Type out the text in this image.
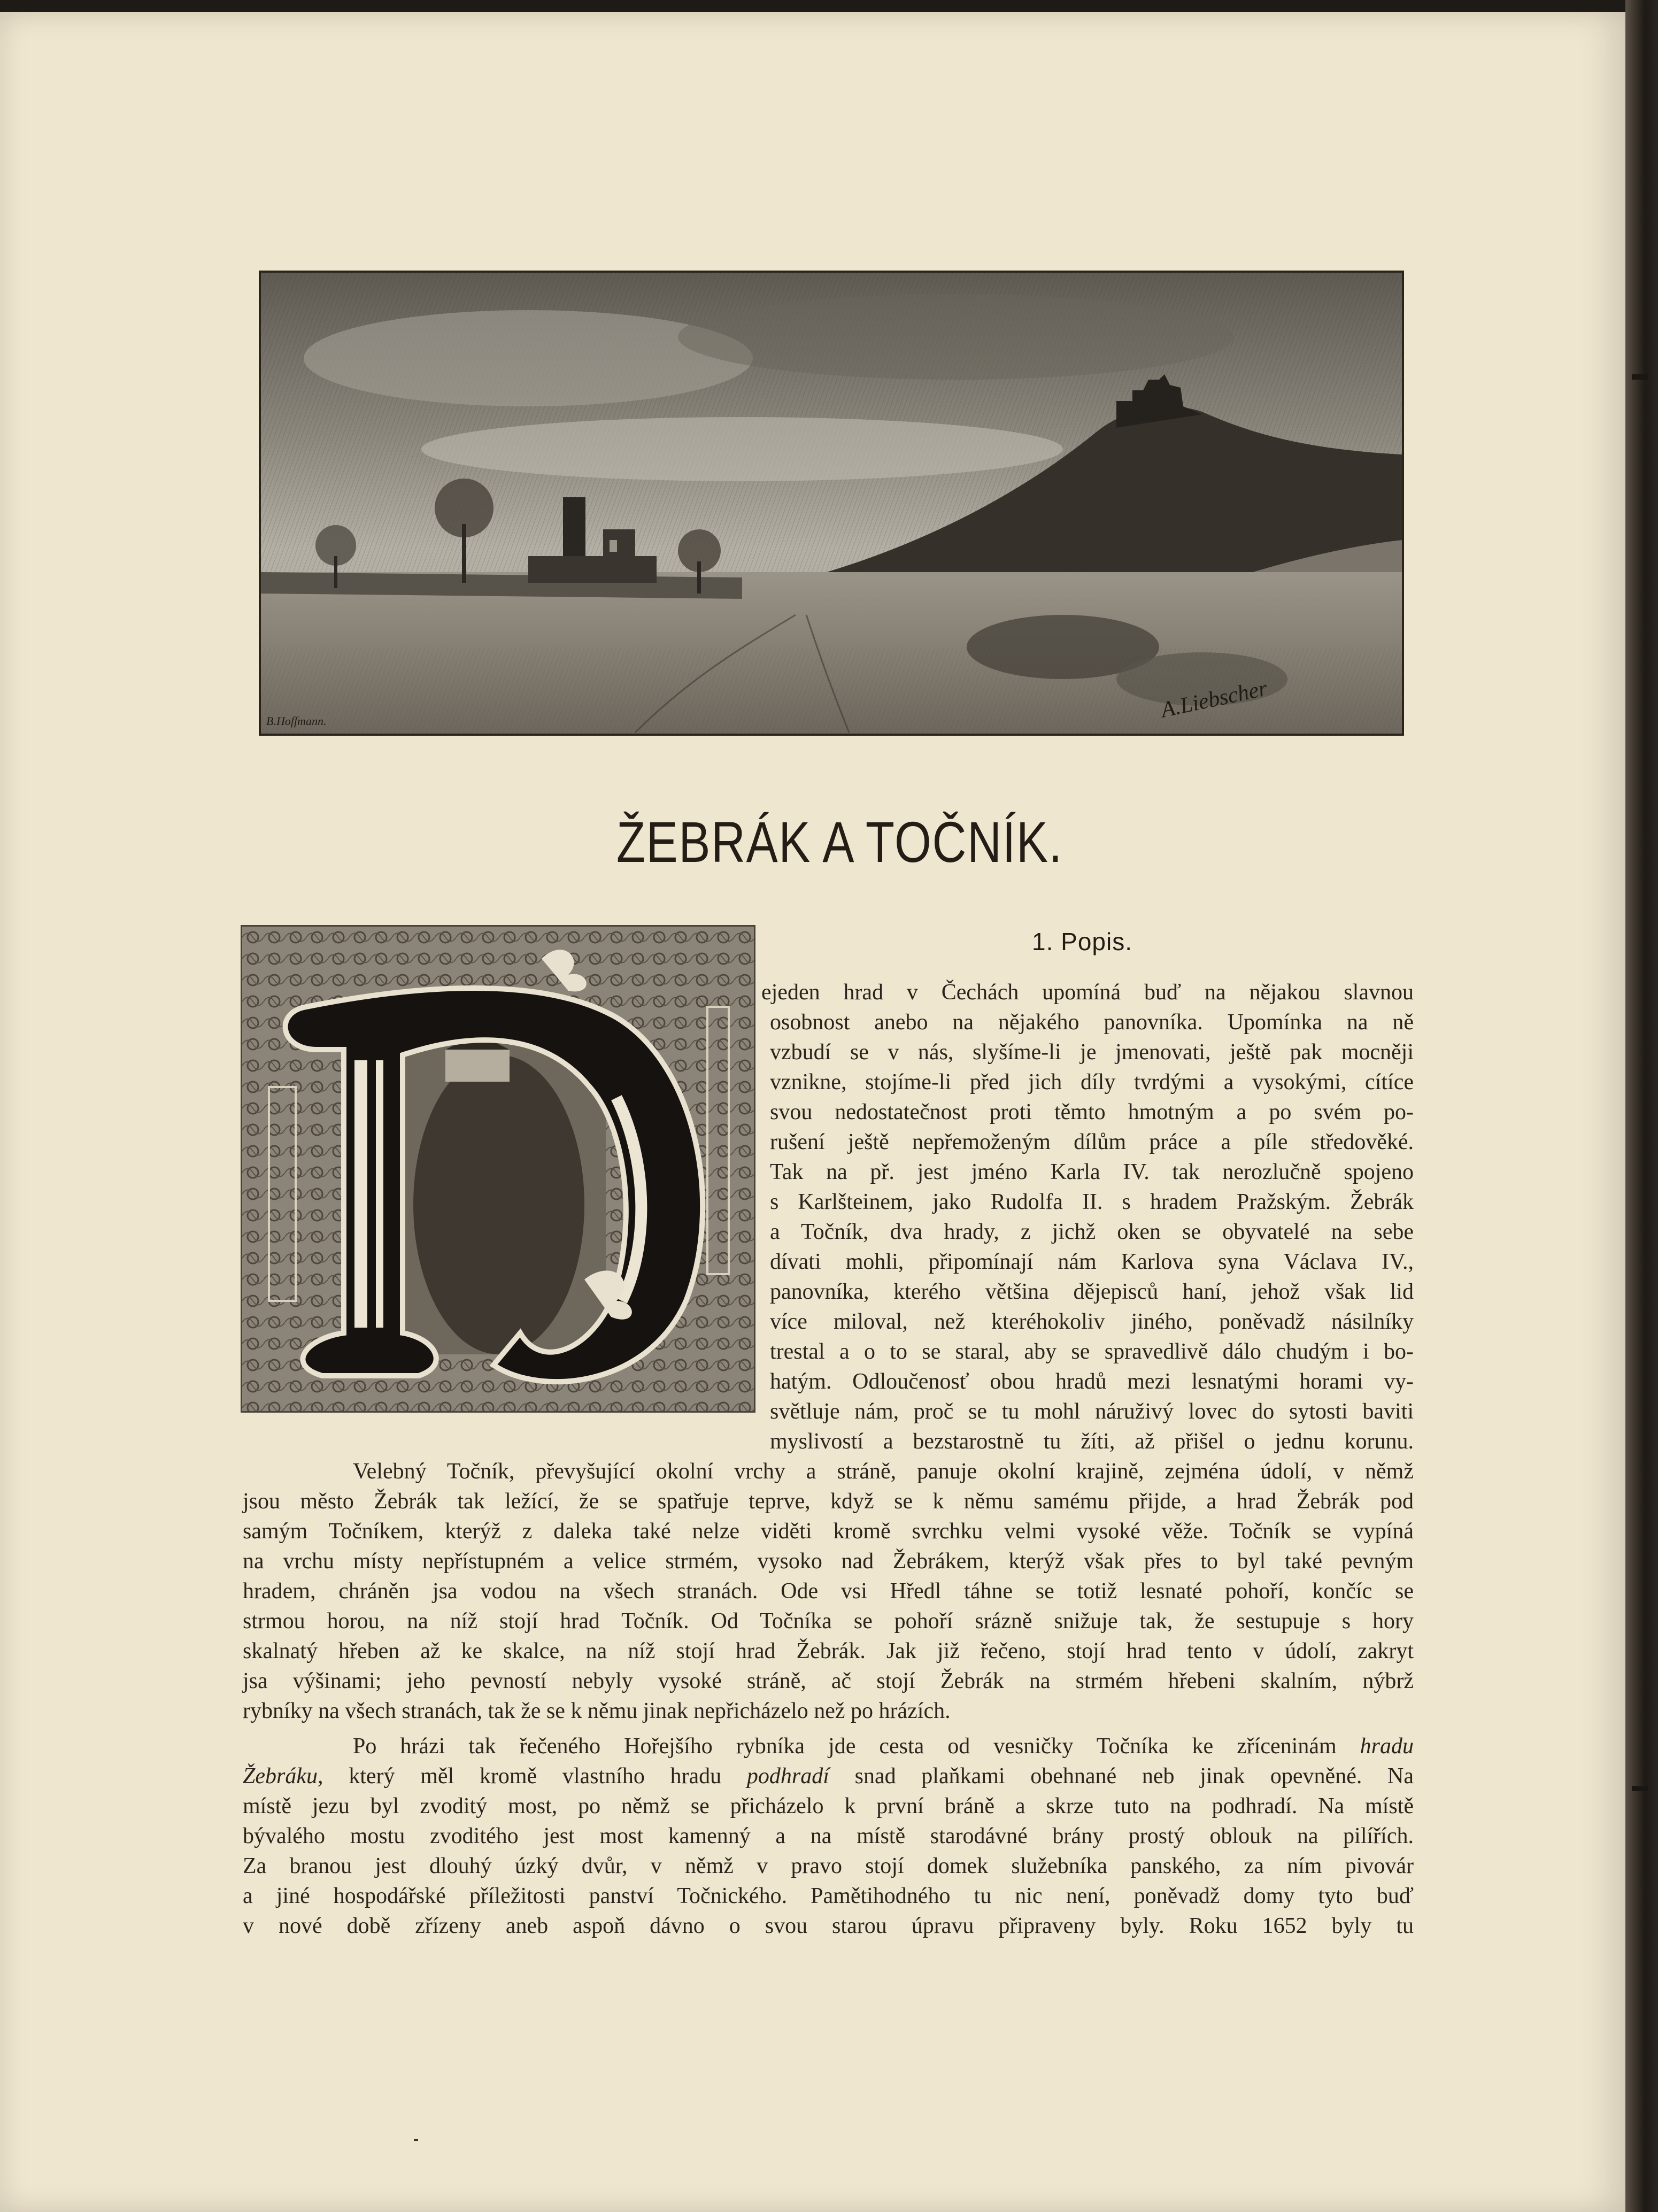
B.Hoffmann.	A.Liebscher
ŽEBRÁK A TOČNÍK.
1. Popis.
ejeden hrad v Čechách upomíná buď na nějakou slavnou
osobnost anebo na nějakého panovníka. Upomínka na ně
vzbudí se v nás, slyšíme-li je jmenovati, ještě pak mocněji
vznikne, stojíme-li před jich díly tvrdými a vysokými, cítíce
svou nedostatečnost proti těmto hmotným a po svém po-
rušení ještě nepřemoženým dílům práce a píle středověké.
Tak na př. jest jméno Karla IV. tak nerozlučně spojeno
s Karlšteinem, jako Rudolfa II. s hradem Pražským. Žebrák
a Točník, dva hrady, z jichž oken se obyvatelé na sebe
dívati mohli, připomínají nám Karlova syna Václava IV.,
panovníka, kterého většina dějepisců haní, jehož však lid
více miloval, než kteréhokoliv jiného, poněvadž násilníky
trestal a o to se staral, aby se spravedlivě dálo chudým i bo-
hatým. Odloučenosť obou hradů mezi lesnatými horami vy-
světluje nám, proč se tu mohl náruživý lovec do sytosti baviti
myslivostí a bezstarostně tu žíti, až přišel o jednu korunu.
Velebný Točník, převyšující okolní vrchy a stráně, panuje okolní krajině, zejména údolí, v němž
jsou město Žebrák tak ležící, že se spatřuje teprve, když se k němu samému přijde, a hrad Žebrák pod
samým Točníkem, kterýž z daleka také nelze viděti kromě svrchku velmi vysoké věže. Točník se vypíná
na vrchu místy nepřístupném a velice strmém, vysoko nad Žebrákem, kterýž však přes to byl také pevným
hradem, chráněn jsa vodou na všech stranách. Ode vsi Hředl táhne se totiž lesnaté pohoří, končíc se
strmou horou, na níž stojí hrad Točník. Od Točníka se pohoří srázně snižuje tak, že sestupuje s hory
skalnatý hřeben až ke skalce, na níž stojí hrad Žebrák. Jak již řečeno, stojí hrad tento v údolí, zakryt
jsa výšinami; jeho pevností nebyly vysoké stráně, ač stojí Žebrák na strmém hřebeni skalním, nýbrž
rybníky na všech stranách, tak že se k němu jinak nepřicházelo než po hrázích.
Po hrázi tak řečeného Hořejšího rybníka jde cesta od vesničky Točníka ke zříceninám hradu
Žebráku, který měl kromě vlastního hradu podhradí snad plaňkami obehnané neb jinak opevněné. Na
místě jezu byl zvoditý most, po němž se přicházelo k první bráně a skrze tuto na podhradí. Na místě
bývalého mostu zvoditého jest most kamenný a na místě starodávné brány prostý oblouk na pilířích.
Za branou jest dlouhý úzký dvůr, v němž v pravo stojí domek služebníka panského, za ním pivovár
a jiné hospodářské příležitosti panství Točnického. Pamětihodného tu nic není, poněvadž domy tyto buď
v nové době zřízeny aneb aspoň dávno o svou starou úpravu připraveny byly. Roku 1652 byly tu
